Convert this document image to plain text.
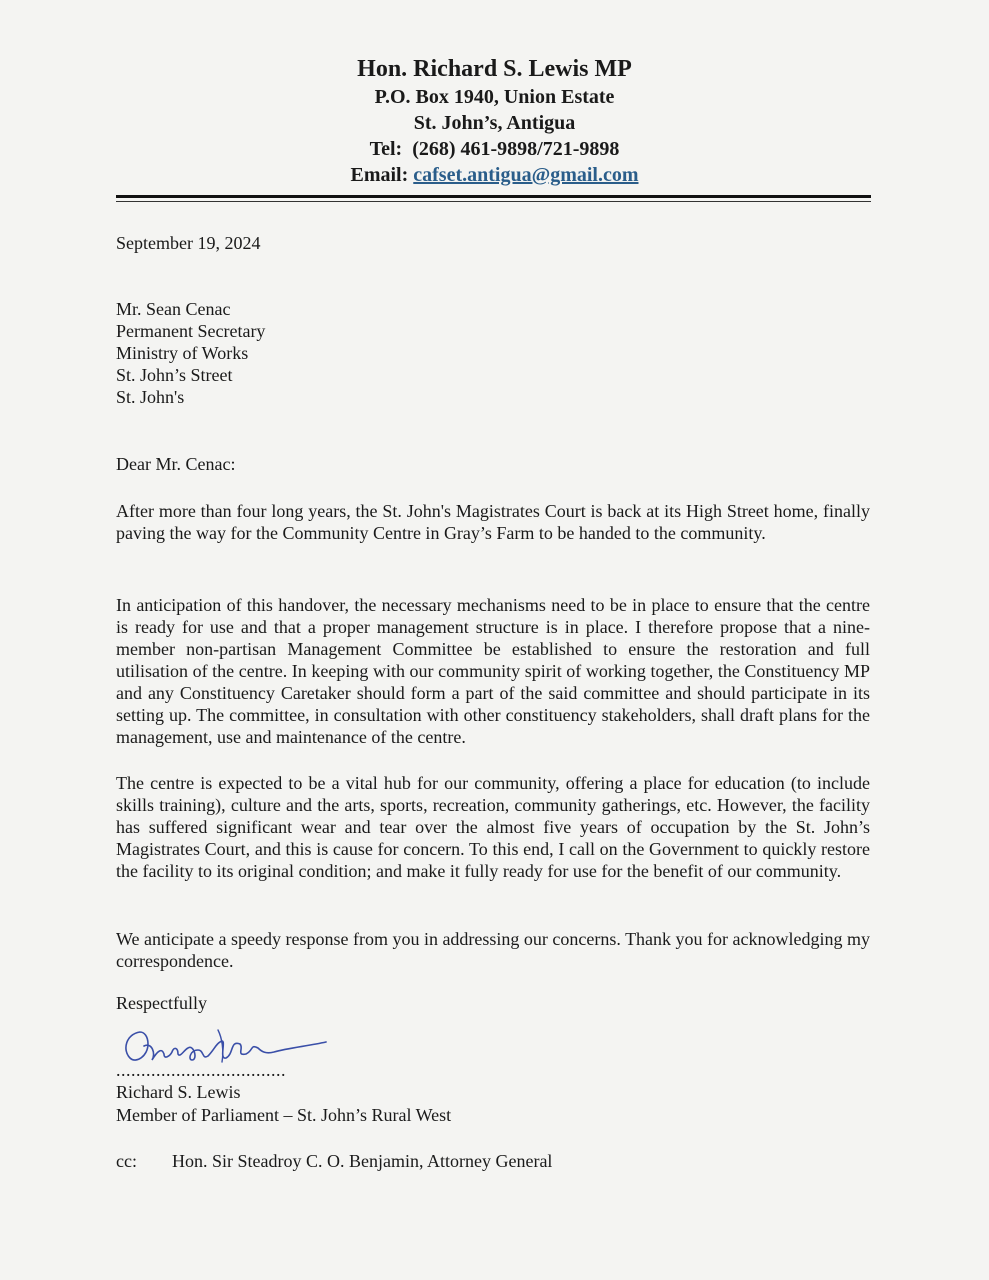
Hon. Richard S. Lewis MP
P.O. Box 1940, Union Estate
St. John’s, Antigua
Tel: (268) 461-9898/721-9898
Email: cafset.antigua@gmail.com
September 19, 2024
Mr. Sean Cenac
Permanent Secretary
Ministry of Works
St. John’s Street
St. John's
Dear Mr. Cenac:
After more than four long years, the St. John's Magistrates Court is back at its High Street home, finally paving the way for the Community Centre in Gray’s Farm to be handed to the community.
In anticipation of this handover, the necessary mechanisms need to be in place to ensure that the centre is ready for use and that a proper management structure is in place. I therefore propose that a nine-member non-partisan Management Committee be established to ensure the restoration and full utilisation of the centre. In keeping with our community spirit of working together, the Constituency MP and any Constituency Caretaker should form a part of the said committee and should participate in its setting up. The committee, in consultation with other constituency stakeholders, shall draft plans for the management, use and maintenance of the centre.
The centre is expected to be a vital hub for our community, offering a place for education (to include skills training), culture and the arts, sports, recreation, community gatherings, etc. However, the facility has suffered significant wear and tear over the almost five years of occupation by the St. John’s Magistrates Court, and this is cause for concern. To this end, I call on the Government to quickly restore the facility to its original condition; and make it fully ready for use for the benefit of our community.
We anticipate a speedy response from you in addressing our concerns. Thank you for acknowledging my correspondence.
Respectfully
..................................
Richard S. Lewis
Member of Parliament – St. John’s Rural West
cc: Hon. Sir Steadroy C. O. Benjamin, Attorney General
